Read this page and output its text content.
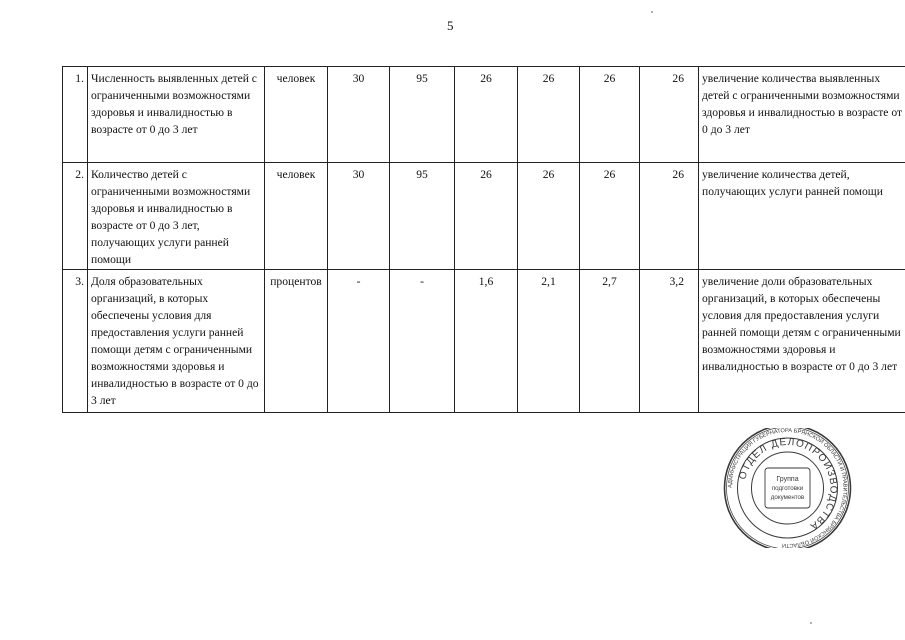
5
1.	Численность выявленных детей с ограниченными возможностями здоровья и инвалидностью в возрасте от 0 до 3 лет	человек	30	95	26	26	26	26	увеличение количества выявленных детей с ограниченными возможностями здоровья и инвалидностью в возрасте от 0 до 3 лет
2.	Количество детей с ограниченными возможностями здоровья и инвалидностью в возрасте от 0 до 3 лет, получающих услуги ранней помощи	человек	30	95	26	26	26	26	увеличение количества детей, получающих услуги ранней помощи
3.	Доля образовательных организаций, в которых обеспечены условия для предоставления услуги ранней помощи детям с ограниченными возможностями здоровья и инвалидностью в возрасте от 0 до 3 лет	процентов	-	-	1,6	2,1	2,7	3,2	увеличение доли образовательных организаций, в которых обеспечены условия для предоставления услуги ранней помощи детям с ограниченными возможностями здоровья и инвалидностью в возрасте от 0 до 3 лет
АДМИНИСТРАЦИЯ ГУБЕРНАТОРА БРЯНСКОЙ ОБЛАСТИ И ПРАВИТЕЛЬСТВА БРЯНСКОЙ ОБЛАСТИ
ОТДЕЛ ДЕЛОПРОИЗВОДСТВА
Группа
подготовки
документов
